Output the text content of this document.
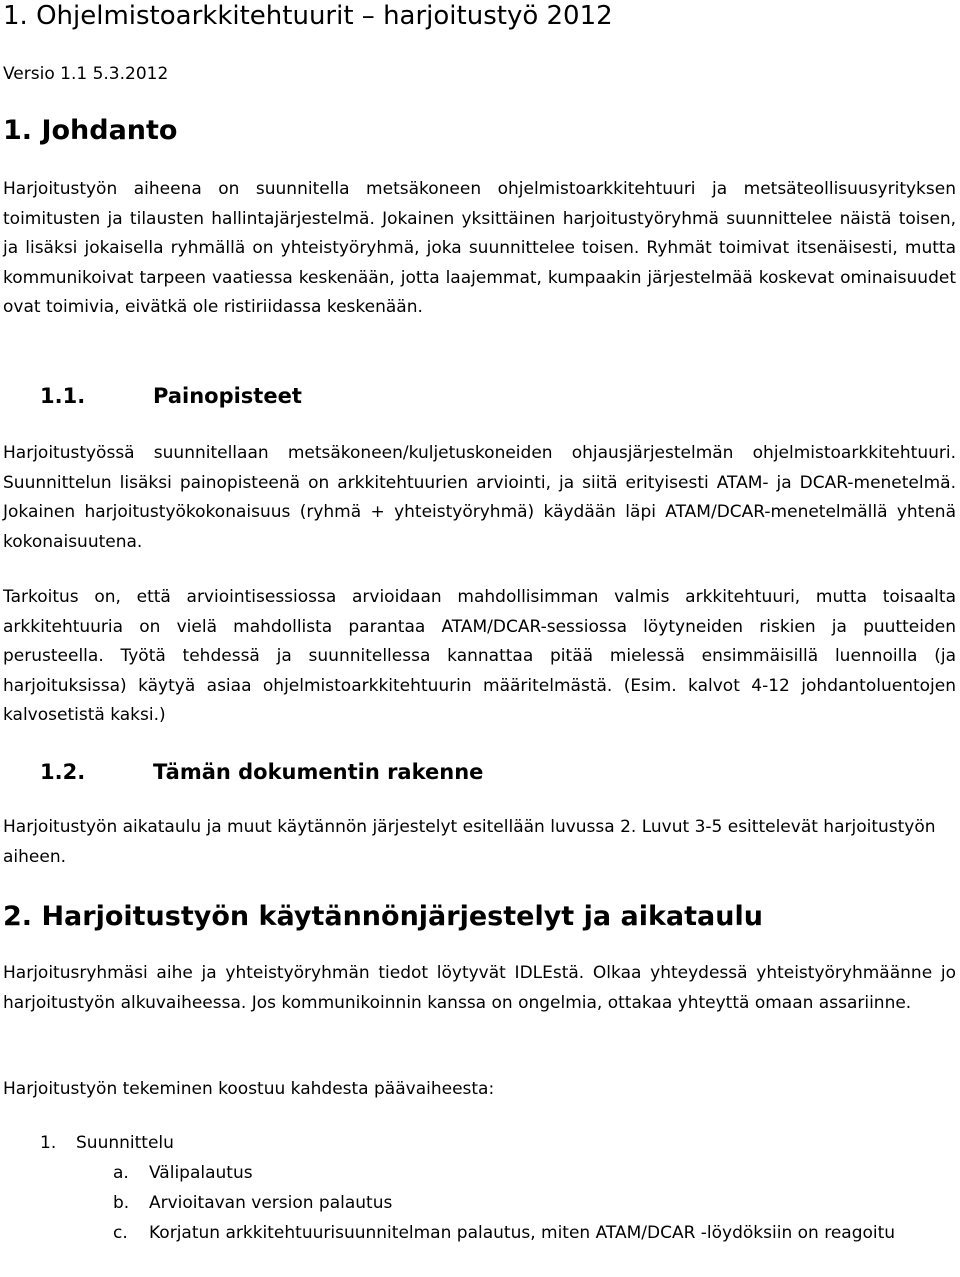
1. Ohjelmistoarkkitehtuurit – harjoitustyö 2012

Versio 1.1 5.3.2012

1. Johdanto

Harjoitustyön aiheena on suunnitella metsäkoneen ohjelmistoarkkitehtuuri ja metsäteollisuusyrityksen toimitusten ja tilausten hallintajärjestelmä. Jokainen yksittäinen harjoitustyöryhmä suunnittelee näistä toisen, ja lisäksi jokaisella ryhmällä on yhteistyöryhmä, joka suunnittelee toisen. Ryhmät toimivat itsenäisesti, mutta kommunikoivat tarpeen vaatiessa keskenään, jotta laajemmat, kumpaakin järjestelmää koskevat ominaisuudet ovat toimivia, eivätkä ole ristiriidassa keskenään.

1.1.	Painopisteet

Harjoitustyössä suunnitellaan metsäkoneen/kuljetuskoneiden ohjausjärjestelmän ohjelmistoarkkitehtuuri. Suunnittelun lisäksi painopisteenä on arkkitehtuurien arviointi, ja siitä erityisesti ATAM- ja DCAR-menetelmä. Jokainen harjoitustyökokonaisuus (ryhmä + yhteistyöryhmä) käydään läpi ATAM/DCAR-menetelmällä yhtenä kokonaisuutena.

Tarkoitus on, että arviointisessiossa arvioidaan mahdollisimman valmis arkkitehtuuri, mutta toisaalta arkkitehtuuria on vielä mahdollista parantaa ATAM/DCAR-sessiossa löytyneiden riskien ja puutteiden perusteella. Työtä tehdessä ja suunnitellessa kannattaa pitää mielessä ensimmäisillä luennoilla (ja harjoituksissa) käytyä asiaa ohjelmistoarkkitehtuurin määritelmästä. (Esim. kalvot 4-12 johdantoluentojen kalvosetistä kaksi.)

1.2.	Tämän dokumentin rakenne

Harjoitustyön aikataulu ja muut käytännön järjestelyt esitellään luvussa 2. Luvut 3-5 esittelevät harjoitustyön aiheen.

2. Harjoitustyön käytännönjärjestelyt ja aikataulu

Harjoitusryhmäsi aihe ja yhteistyöryhmän tiedot löytyvät IDLEstä. Olkaa yhteydessä yhteistyöryhmäänne jo harjoitustyön alkuvaiheessa. Jos kommunikoinnin kanssa on ongelmia, ottakaa yhteyttä omaan assariinne.

Harjoitustyön tekeminen koostuu kahdesta päävaiheesta:

1. Suunnittelu
a. Välipalautus
b. Arvioitavan version palautus
c. Korjatun arkkitehtuurisuunnitelman palautus, miten ATAM/DCAR -löydöksiin on reagoitu
